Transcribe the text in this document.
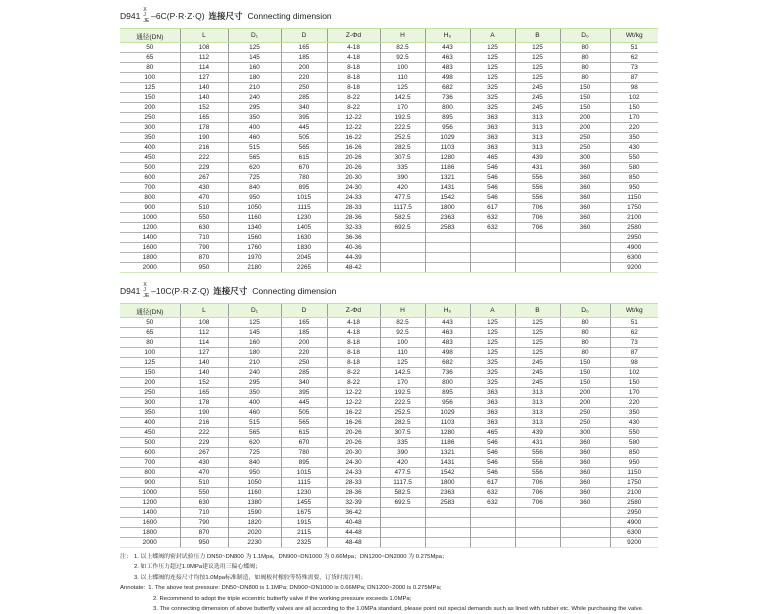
D941
X
J
JE –6C(P·R·Z·Q) 连接尺寸 Connecting dimension
通径(DN)	L	D₁	D	Z-Φd	H	H₀	A	B	D₀	Wt/kg
50	108	125	165	4-18	82.5	443	125	125	80	51
65	112	145	185	4-18	92.5	463	125	125	80	62
80	114	160	200	8-18	100	483	125	125	80	73
100	127	180	220	8-18	110	498	125	125	80	87
125	140	210	250	8-18	125	682	325	245	150	98
150	140	240	285	8-22	142.5	736	325	245	150	102
200	152	295	340	8-22	170	800	325	245	150	150
250	165	350	395	12-22	192.5	895	363	313	200	170
300	178	400	445	12-22	222.5	956	363	313	200	220
350	190	460	505	16-22	252.5	1029	363	313	250	350
400	216	515	565	16-26	282.5	1103	363	313	250	430
450	222	565	615	20-26	307.5	1280	465	439	300	550
500	229	620	670	20-26	335	1186	546	431	360	580
600	267	725	780	20-30	390	1321	546	556	360	850
700	430	840	895	24-30	420	1431	546	556	360	950
800	470	950	1015	24-33	477.5	1542	546	556	360	1150
900	510	1050	1115	28-33	1117.5	1800	617	706	360	1750
1000	550	1160	1230	28-36	582.5	2363	632	706	360	2100
1200	630	1340	1405	32-33	692.5	2583	632	706	360	2580
1400	710	1560	1630	36-36						2950
1600	790	1760	1830	40-36						4900
1800	870	1970	2045	44-39						6300
2000	950	2180	2265	48-42						9200
D941
X
J
JE –10C(P·R·Z·Q) 连接尺寸 Connecting dimension
通径(DN)	L	D₁	D	Z-Φd	H	H₀	A	B	D₀	Wt/kg
50	108	125	165	4-18	82.5	443	125	125	80	51
65	112	145	185	4-18	92.5	463	125	125	80	62
80	114	160	200	8-18	100	483	125	125	80	73
100	127	180	220	8-18	110	498	125	125	80	87
125	140	210	250	8-18	125	682	325	245	150	98
150	140	240	285	8-22	142.5	736	325	245	150	102
200	152	295	340	8-22	170	800	325	245	150	150
250	165	350	395	12-22	192.5	895	363	313	200	170
300	178	400	445	12-22	222.5	956	363	313	200	220
350	190	460	505	16-22	252.5	1029	363	313	250	350
400	216	515	565	16-26	282.5	1103	363	313	250	430
450	222	565	615	20-26	307.5	1280	465	439	300	550
500	229	620	670	20-26	335	1186	546	431	360	580
600	267	725	780	20-30	390	1321	546	556	360	850
700	430	840	895	24-30	420	1431	546	556	360	950
800	470	950	1015	24-33	477.5	1542	546	556	360	1150
900	510	1050	1115	28-33	1117.5	1800	617	706	360	1750
1000	550	1160	1230	28-36	582.5	2363	632	706	360	2100
1200	630	1380	1455	32-39	692.5	2583	632	706	360	2580
1400	710	1590	1675	36-42						2950
1600	790	1820	1915	40-48						4900
1800	870	2020	2115	44-48						6300
2000	950	2230	2325	48-48						9200
注： 1. 以上蝶阀的密封试验压力 DN50~DN800 为 1.1Mpa，DN900~DN1000 为 0.66Mpa；DN1200~DN2000 为 0.275Mpa；
2. 如工作压力超过1.0MPa建议选用三偏心蝶阀；
3. 以上蝶阀的连接尺寸均按1.0Mpa标准制造，如阀板衬橡胶等特殊需要，订货时需注明；
Annotate: 1. The above test pressure: DN50~DN800 is 1.1MPa; DN900~DN1000 is 0.66MPa; DN1200~2000 is 0.275MPa;
2. Recommend to adopt the triple eccentric butterfly valve if the working pressure exceeds 1.0MPa;
3. The connecting dimension of above butterfly valves are all according to the 1.0MPa standard, please point out special demands such as lined with rubber etc. While purchasing the valve.
